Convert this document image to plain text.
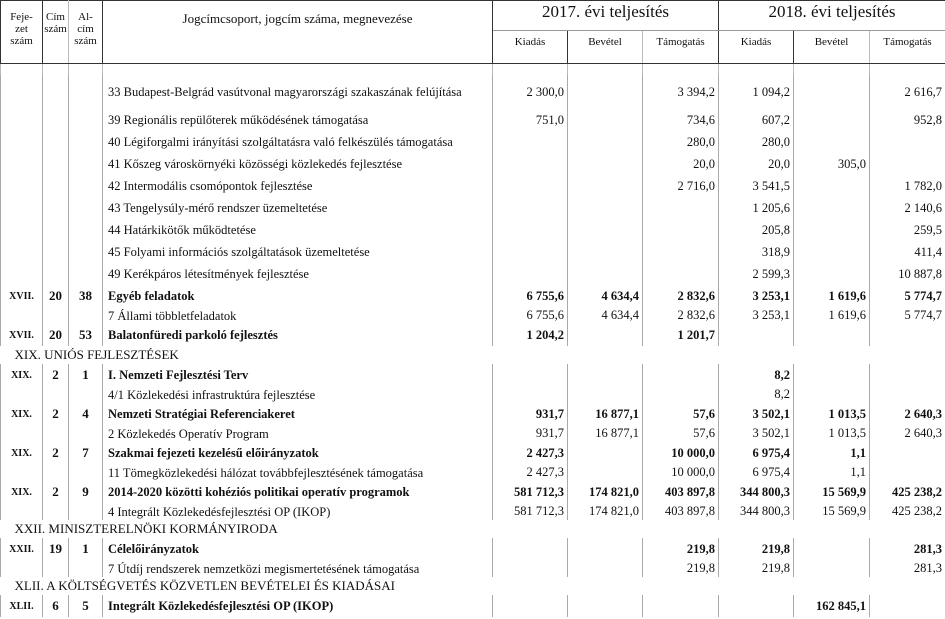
Feje-
zet
szám	Cím
szám	Al-
cím
szám	Jogcímcsoport, jogcím száma, megnevezése	2017. évi teljesítés			2018. évi teljesítés		
				Kiadás	Bevétel	Támogatás	Kiadás	Bevétel	Támogatás

			33 Budapest-Belgrád vasútvonal magyarországi szakaszának felújítása	2 300,0		3 394,2	1 094,2		2 616,7
			39 Regionális repülőterek működésének támogatása	751,0		734,6	607,2		952,8
			40 Légiforgalmi irányítási szolgáltatásra való felkészülés támogatása			280,0	280,0		
			41 Kőszeg városkörnyéki közösségi közlekedés fejlesztése			20,0	20,0	305,0	
			42 Intermodális csomópontok fejlesztése			2 716,0	3 541,5		1 782,0
			43 Tengelysúly-mérő rendszer üzemeltetése				1 205,6		2 140,6
			44 Határkikötők működtetése				205,8		259,5
			45 Folyami információs szolgáltatások üzemeltetése				318,9		411,4
			49 Kerékpáros létesítmények fejlesztése				2 599,3		10 887,8
XVII.	20	38	Egyéb feladatok	6 755,6	4 634,4	2 832,6	3 253,1	1 619,6	5 774,7
			7 Állami többletfeladatok	6 755,6	4 634,4	2 832,6	3 253,1	1 619,6	5 774,7
XVII.	20	53	Balatonfüredi parkoló fejlesztés	1 204,2		1 201,7			
XIX. UNIÓS FEJLESZTÉSEK									
XIX.	2	1	I. Nemzeti Fejlesztési Terv				8,2		
			4/1 Közlekedési infrastruktúra fejlesztése				8,2		
XIX.	2	4	Nemzeti Stratégiai Referenciakeret	931,7	16 877,1	57,6	3 502,1	1 013,5	2 640,3
			2 Közlekedés Operatív Program	931,7	16 877,1	57,6	3 502,1	1 013,5	2 640,3
XIX.	2	7	Szakmai fejezeti kezelésű előirányzatok	2 427,3		10 000,0	6 975,4	1,1	
			11 Tömegközlekedési hálózat továbbfejlesztésének támogatása	2 427,3		10 000,0	6 975,4	1,1	
XIX.	2	9	2014-2020 közötti kohéziós politikai operatív programok	581 712,3	174 821,0	403 897,8	344 800,3	15 569,9	425 238,2
			4 Integrált Közlekedésfejlesztési OP (IKOP)	581 712,3	174 821,0	403 897,8	344 800,3	15 569,9	425 238,2
XXII. MINISZTERELNÖKI KORMÁNYIRODA									
XXII.	19	1	Célelőirányzatok			219,8	219,8		281,3
			7 Útdíj rendszerek nemzetközi megismertetésének támogatása			219,8	219,8		281,3
XLII. A KÖLTSÉGVETÉS KÖZVETLEN BEVÉTELEI ÉS KIADÁSAI									
XLII.	6	5	Integrált Közlekedésfejlesztési OP (IKOP)					162 845,1	
